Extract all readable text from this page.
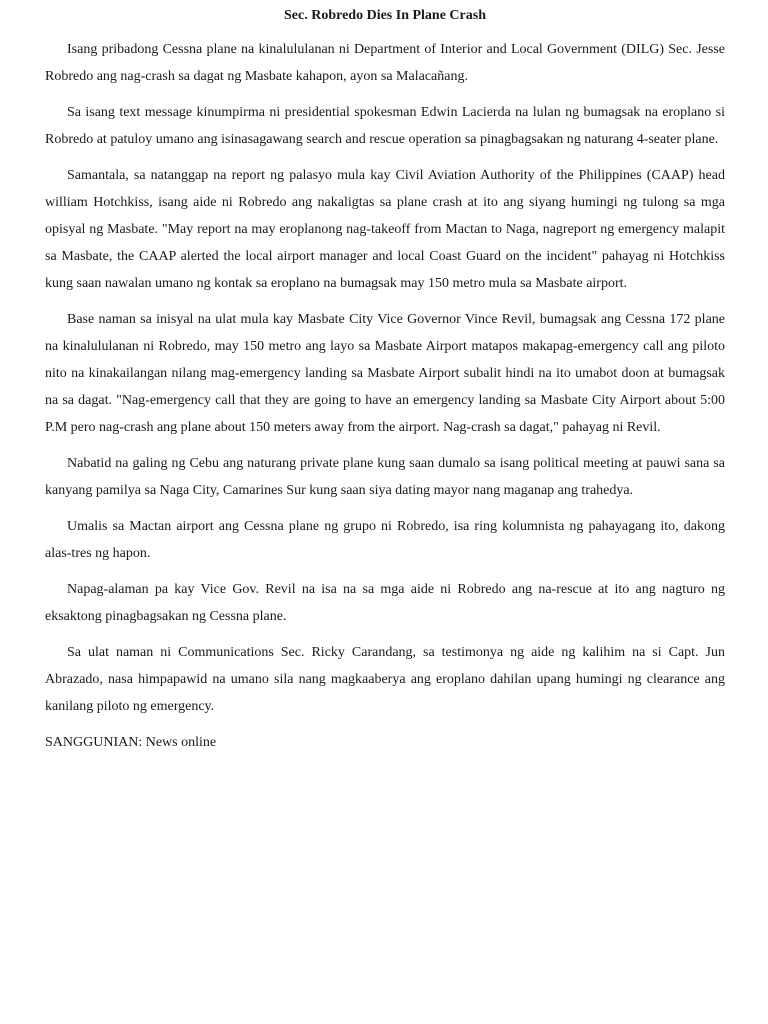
Sec. Robredo Dies In Plane Crash

Isang pribadong Cessna plane na kinalululanan ni Department of Interior and Local Government (DILG) Sec. Jesse Robredo ang nag-crash sa dagat ng Masbate kahapon, ayon sa Malacañang.

Sa isang text message kinumpirma ni presidential spokesman Edwin Lacierda na lulan ng bumagsak na eroplano si Robredo at patuloy umano ang isinasagawang search and rescue operation sa pinagbagsakan ng naturang 4-seater plane.

Samantala, sa natanggap na report ng palasyo mula kay Civil Aviation Authority of the Philippines (CAAP) head william Hotchkiss, isang aide ni Robredo ang nakaligtas sa plane crash at ito ang siyang humingi ng tulong sa mga opisyal ng Masbate. "May report na may eroplanong nag-takeoff from Mactan to Naga, nagreport ng emergency malapit sa Masbate, the CAAP alerted the local airport manager and local Coast Guard on the incident" pahayag ni Hotchkiss kung saan nawalan umano ng kontak sa eroplano na bumagsak may 150 metro mula sa Masbate airport.

Base naman sa inisyal na ulat mula kay Masbate City Vice Governor Vince Revil, bumagsak ang Cessna 172 plane na kinalululanan ni Robredo, may 150 metro ang layo sa Masbate Airport matapos makapag-emergency call ang piloto nito na kinakailangan nilang mag-emergency landing sa Masbate Airport subalit hindi na ito umabot doon at bumagsak na sa dagat. "Nag-emergency call that they are going to have an emergency landing sa Masbate City Airport about 5:00 P.M pero nag-crash ang plane about 150 meters away from the airport. Nag-crash sa dagat," pahayag ni Revil.

Nabatid na galing ng Cebu ang naturang private plane kung saan dumalo sa isang political meeting at pauwi sana sa kanyang pamilya sa Naga City, Camarines Sur kung saan siya dating mayor nang maganap ang trahedya.

Umalis sa Mactan airport ang Cessna plane ng grupo ni Robredo, isa ring kolumnista ng pahayagang ito, dakong alas-tres ng hapon.

Napag-alaman pa kay Vice Gov. Revil na isa na sa mga aide ni Robredo ang na-rescue at ito ang nagturo ng eksaktong pinagbagsakan ng Cessna plane.

Sa ulat naman ni Communications Sec. Ricky Carandang, sa testimonya ng aide ng kalihim na si Capt. Jun Abrazado, nasa himpapawid na umano sila nang magkaaberya ang eroplano dahilan upang humingi ng clearance ang kanilang piloto ng emergency.

SANGGUNIAN: News online
